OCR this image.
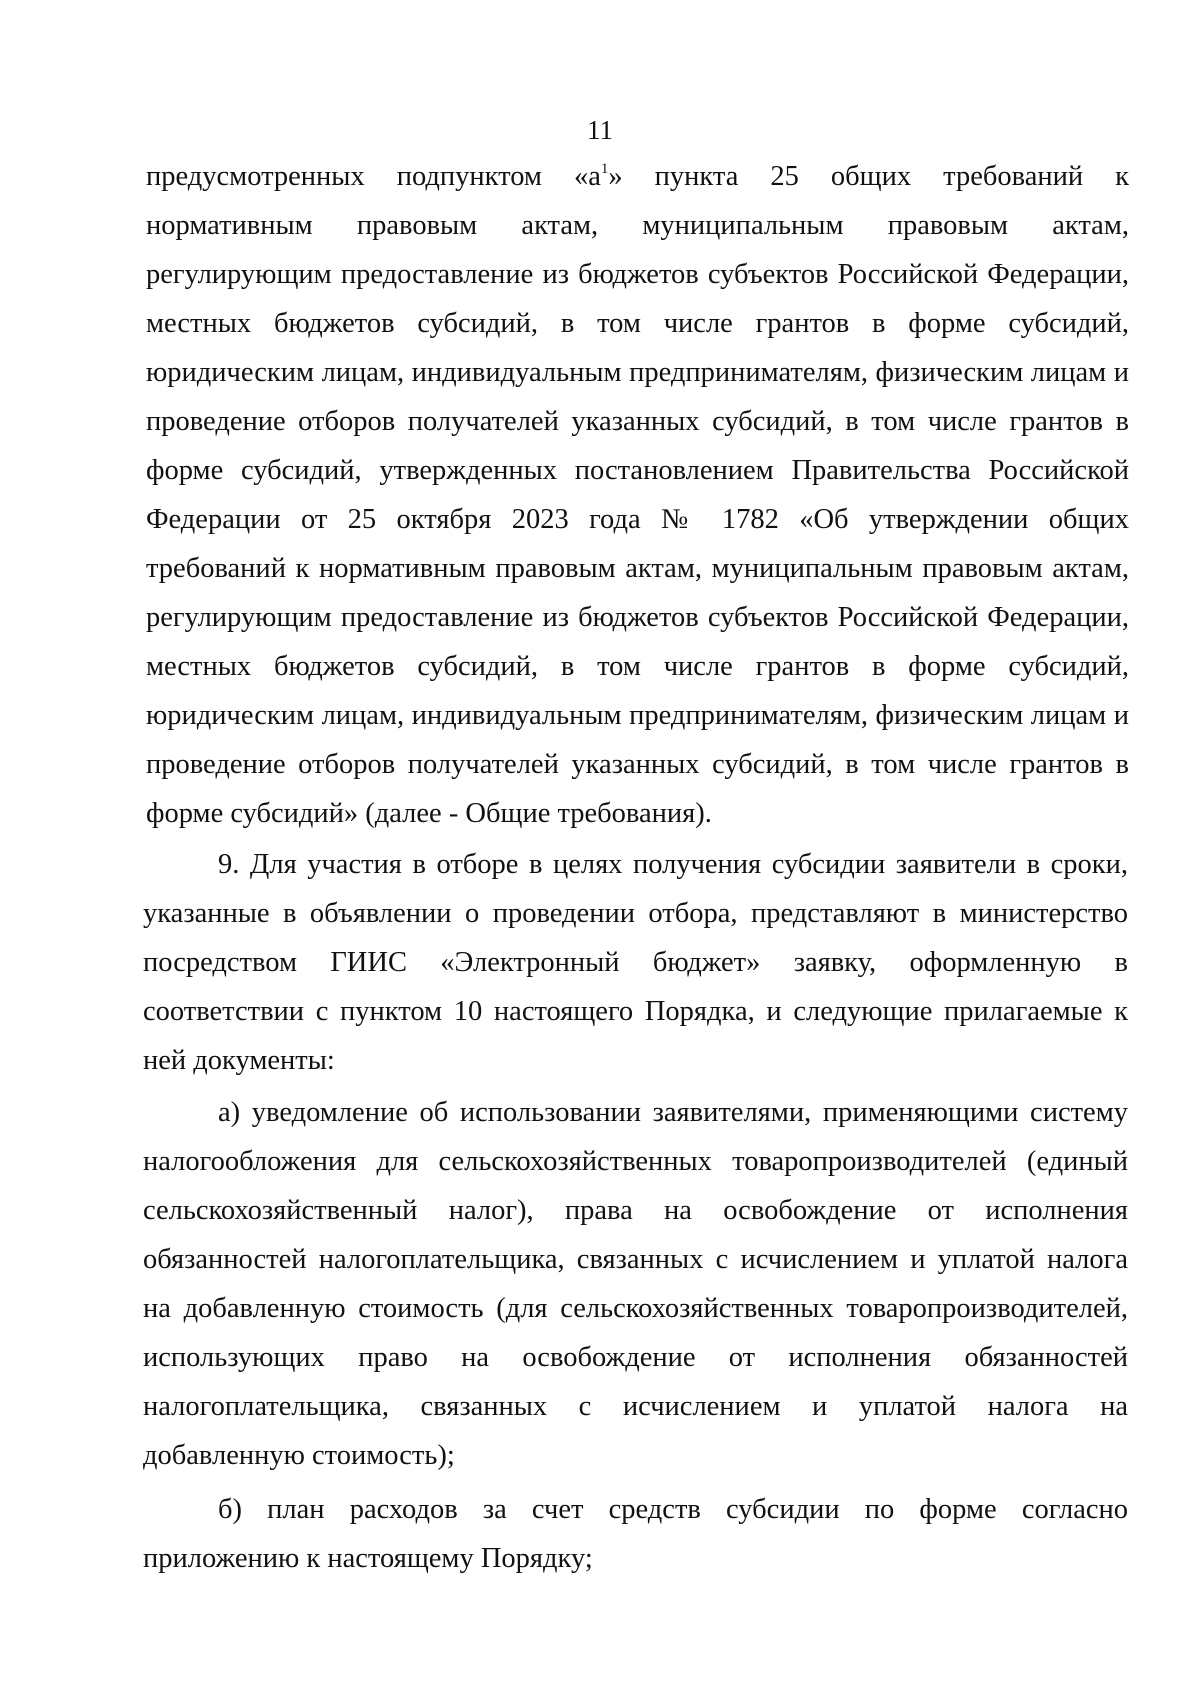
11
предусмотренных подпунктом «$а^1$» пункта 25 общих требований к
нормативным правовым актам, муниципальным правовым актам,
регулирующим предоставление из бюджетов субъектов Российской Федерации,
местных бюджетов субсидий, в том числе грантов в форме субсидий,
юридическим лицам, индивидуальным предпринимателям, физическим лицам и
проведение отборов получателей указанных субсидий, в том числе грантов в
форме субсидий, утвержденных постановлением Правительства Российской
Федерации от 25 октября 2023 года № 1782 «Об утверждении общих
требований к нормативным правовым актам, муниципальным правовым актам,
регулирующим предоставление из бюджетов субъектов Российской Федерации,
местных бюджетов субсидий, в том числе грантов в форме субсидий,
юридическим лицам, индивидуальным предпринимателям, физическим лицам и
проведение отборов получателей указанных субсидий, в том числе грантов в
форме субсидий» (далее - Общие требования).
9. Для участия в отборе в целях получения субсидии заявители в сроки,
указанные в объявлении о проведении отбора, представляют в министерство
посредством ГИИС «Электронный бюджет» заявку, оформленную в
соответствии с пунктом 10 настоящего Порядка, и следующие прилагаемые к
ней документы:
а) уведомление об использовании заявителями, применяющими систему
налогообложения для сельскохозяйственных товаропроизводителей (единый
сельскохозяйственный налог), права на освобождение от исполнения
обязанностей налогоплательщика, связанных с исчислением и уплатой налога
на добавленную стоимость (для сельскохозяйственных товаропроизводителей,
использующих право на освобождение от исполнения обязанностей
налогоплательщика, связанных с исчислением и уплатой налога на
добавленную стоимость);
б) план расходов за счет средств субсидии по форме согласно
приложению к настоящему Порядку;
